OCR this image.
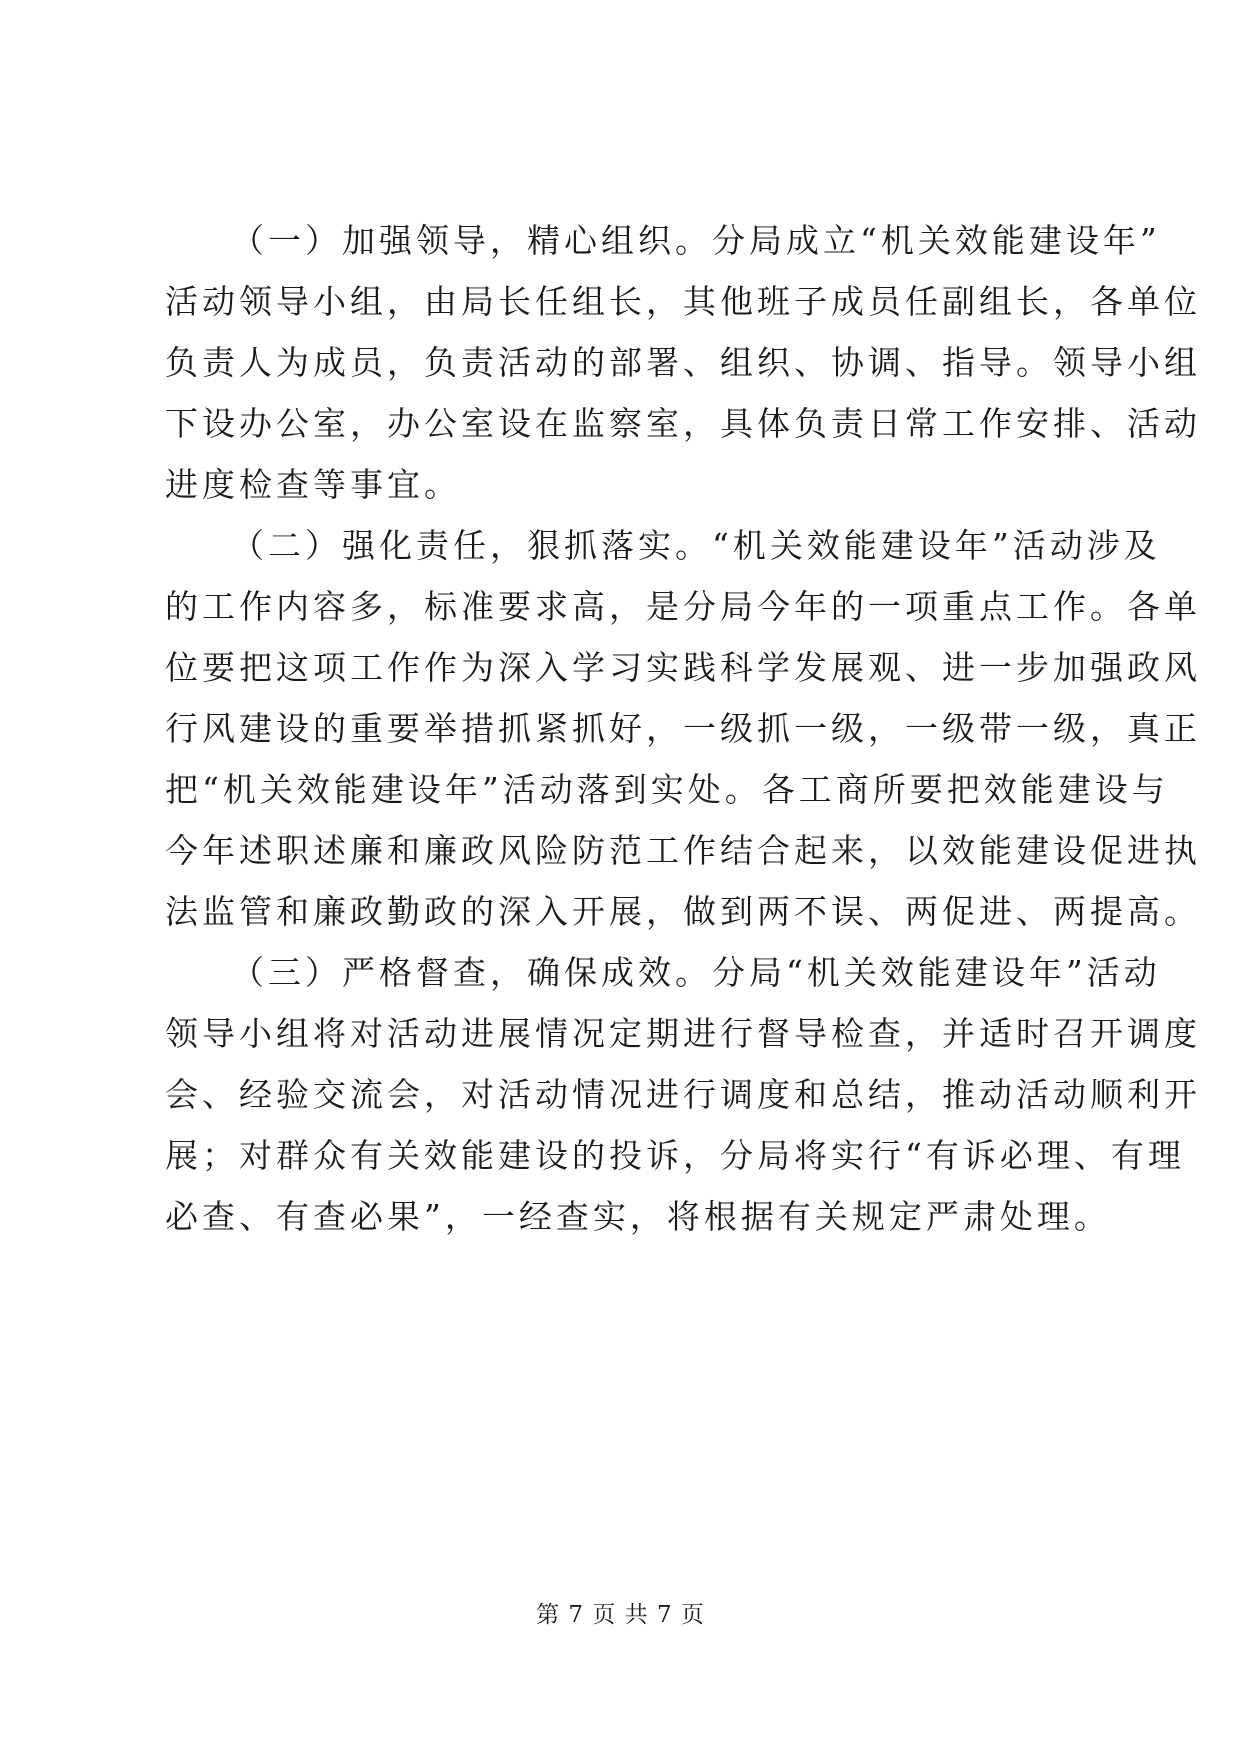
（一）加强领导，精心组织。分局成立“机关效能建设年”
活动领导小组，由局长任组长，其他班子成员任副组长，各单位
负责人为成员，负责活动的部署、组织、协调、指导。领导小组
下设办公室，办公室设在监察室，具体负责日常工作安排、活动
进度检查等事宜。
（二）强化责任，狠抓落实。“机关效能建设年”活动涉及
的工作内容多，标准要求高，是分局今年的一项重点工作。各单
位要把这项工作作为深入学习实践科学发展观、进一步加强政风
行风建设的重要举措抓紧抓好，一级抓一级，一级带一级，真正
把“机关效能建设年”活动落到实处。各工商所要把效能建设与
今年述职述廉和廉政风险防范工作结合起来，以效能建设促进执
法监管和廉政勤政的深入开展，做到两不误、两促进、两提高。
（三）严格督查，确保成效。分局“机关效能建设年”活动
领导小组将对活动进展情况定期进行督导检查，并适时召开调度
会、经验交流会，对活动情况进行调度和总结，推动活动顺利开
展；对群众有关效能建设的投诉，分局将实行“有诉必理、有理
必查、有查必果”，一经查实，将根据有关规定严肃处理。
第 7 页 共 7 页
